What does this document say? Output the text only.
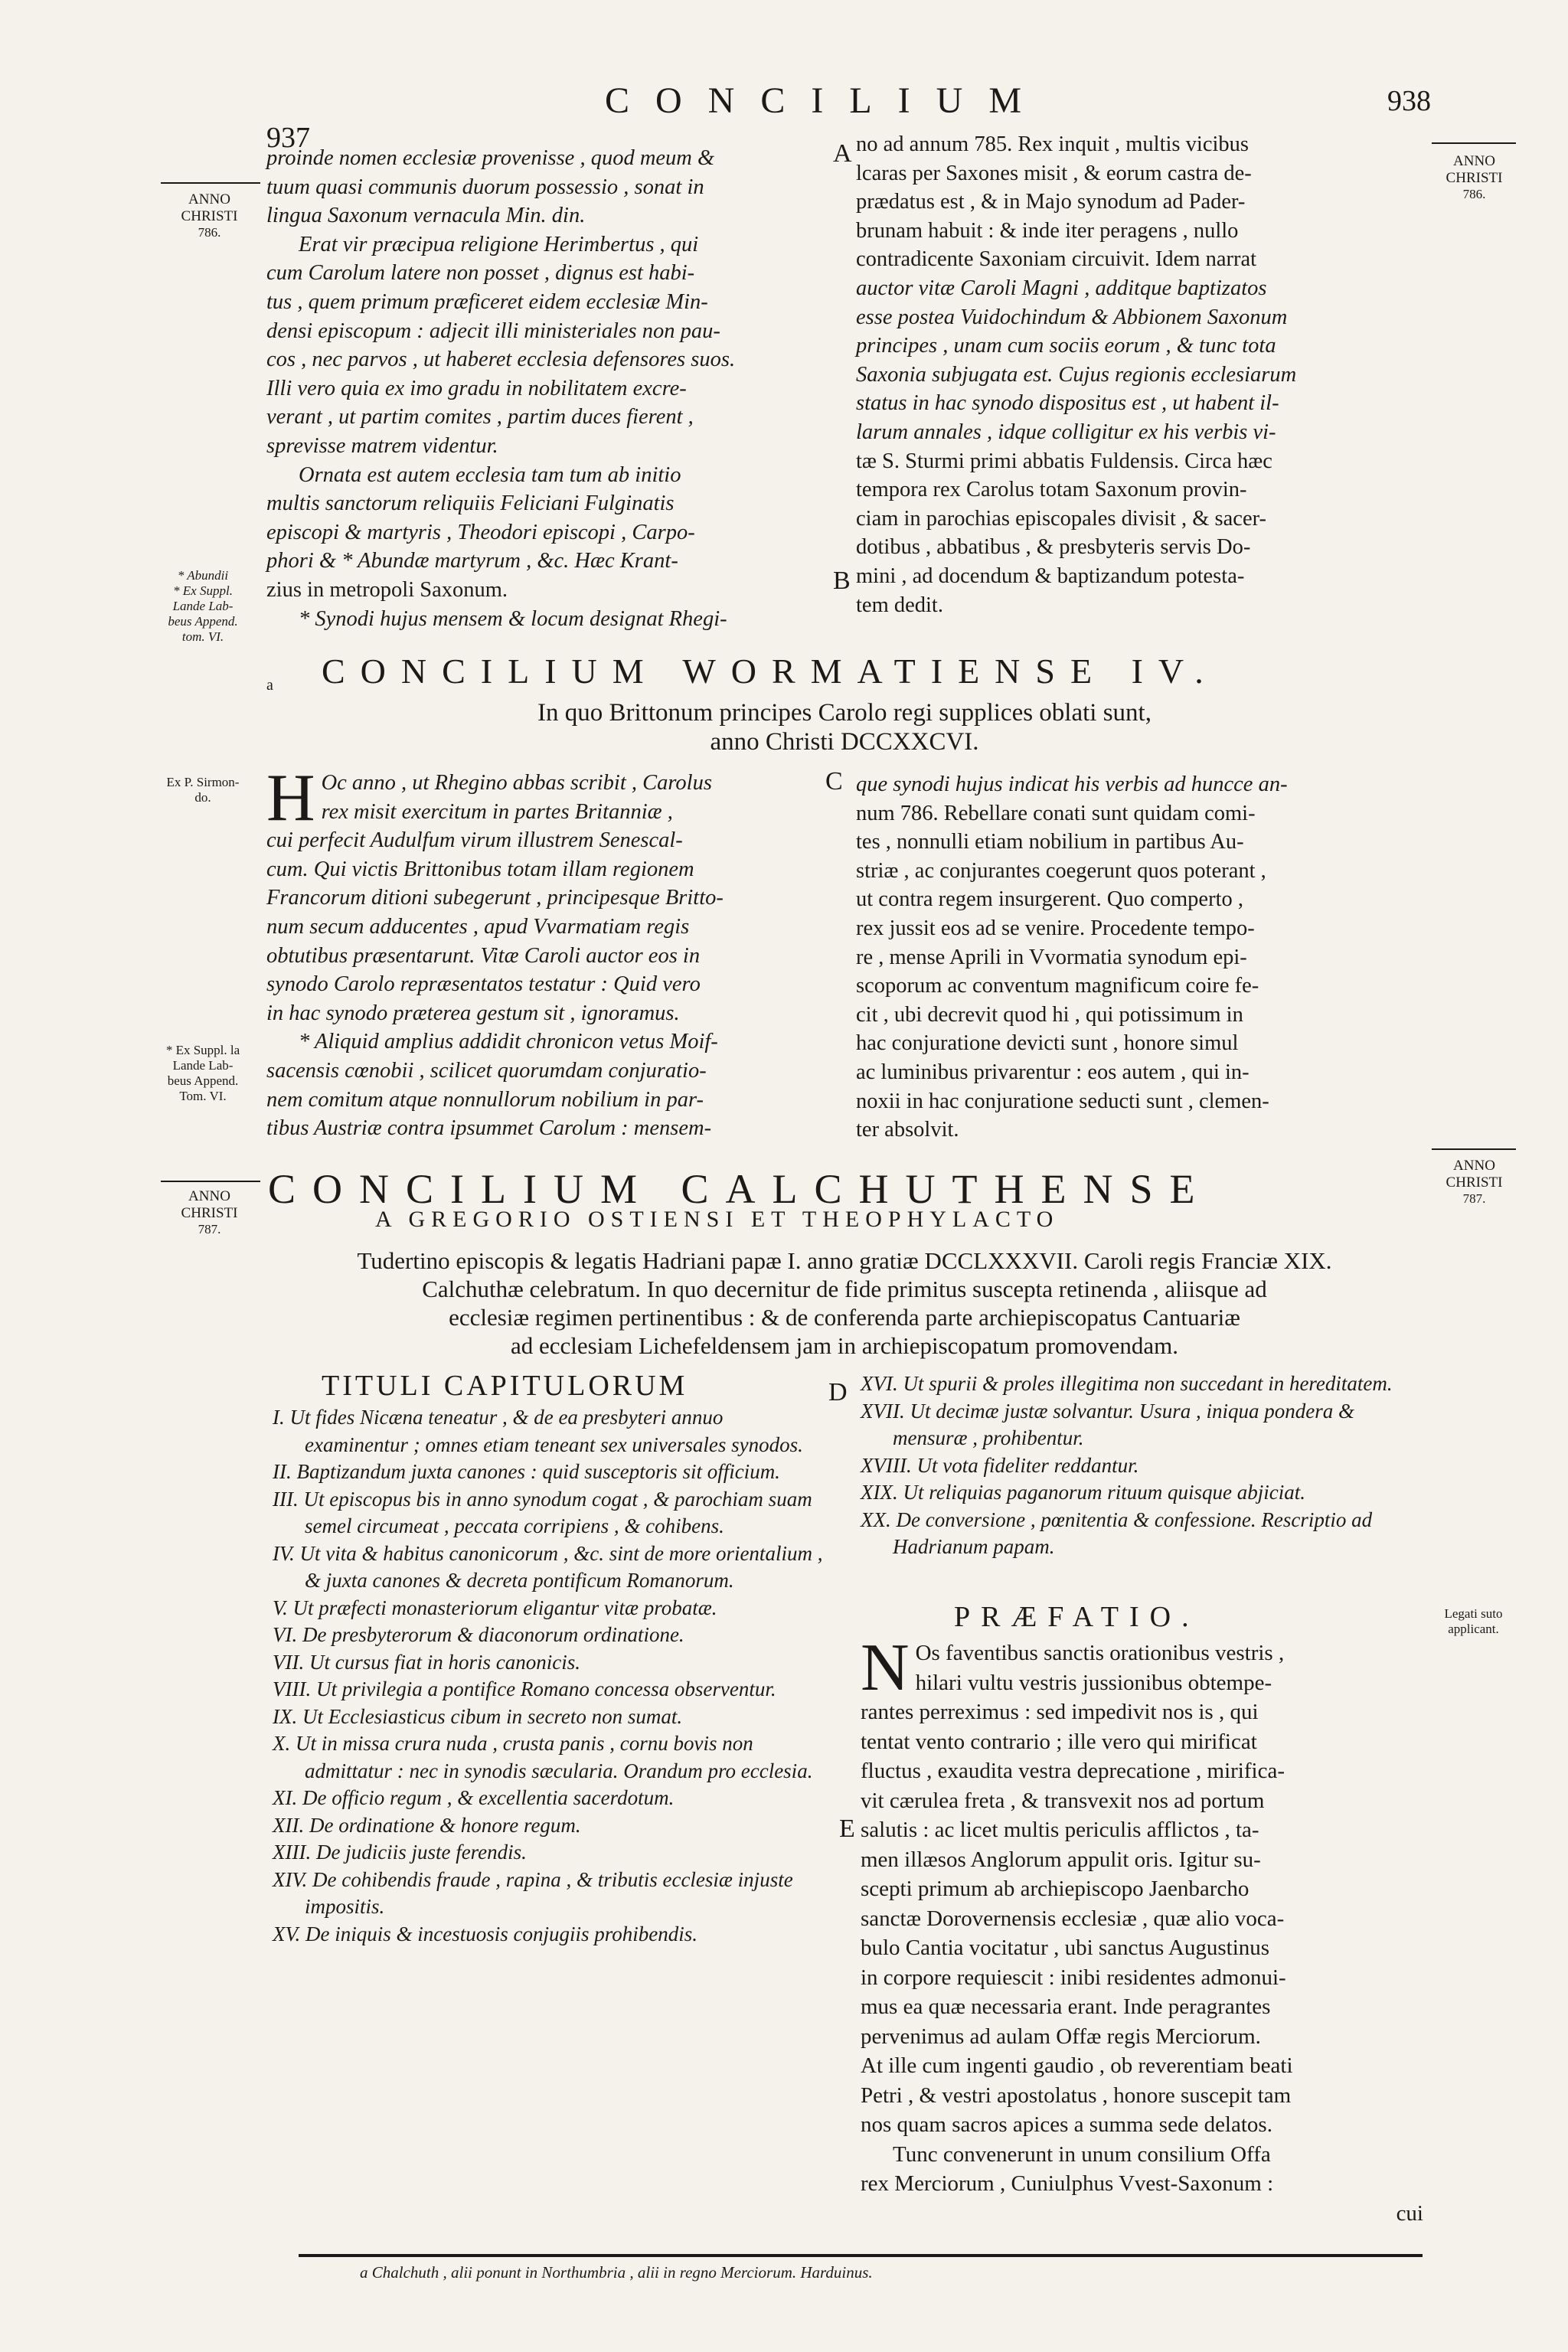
937
CONCILIUM	938
ANNO
CHRISTI
786.
ANNO
CHRISTI
786.
* Abundii
* Ex Suppl.
Lande Lab-
beus Append.
tom. VI.
Ex P. Sirmon-
do.
* Ex Suppl. la
Lande Lab-
beus Append.
Tom. VI.
ANNO
CHRISTI
787.
ANNO
CHRISTI
787.
Legati suto
applicant.
A
B
C
D
E

proinde nomen ecclesiæ provenisse , quod meum &

tuum quasi communis duorum possessio , sonat in

lingua Saxonum vernacula Min. din.

Erat vir præcipua religione Herimbertus , qui

cum Carolum latere non posset , dignus est habi-

tus , quem primum præficeret eidem ecclesiæ Min-

densi episcopum : adjecit illi ministeriales non pau-

cos , nec parvos , ut haberet ecclesia defensores suos.

Illi vero quia ex imo gradu in nobilitatem excre-

verant , ut partim comites , partim duces fierent ,

sprevisse matrem videntur.

Ornata est autem ecclesia tam tum ab initio

multis sanctorum reliquiis Feliciani Fulginatis

episcopi & martyris , Theodori episcopi , Carpo-

phori & * Abundæ martyrum , &c. Hæc Krant-

zius in metropoli Saxonum.

* Synodi hujus mensem & locum designat Rhegi-

no ad annum 785. Rex inquit , multis vicibus

lcaras per Saxones misit , & eorum castra de-

prædatus est , & in Majo synodum ad Pader-

brunam habuit : & inde iter peragens , nullo

contradicente Saxoniam circuivit. Idem narrat

auctor vitæ Caroli Magni , additque baptizatos

esse postea Vuidochindum & Abbionem Saxonum

principes , unam cum sociis eorum , & tunc tota

Saxonia subjugata est. Cujus regionis ecclesiarum

status in hac synodo dispositus est , ut habent il-

larum annales , idque colligitur ex his verbis vi-

tæ S. Sturmi primi abbatis Fuldensis. Circa hæc

tempora rex Carolus totam Saxonum provin-

ciam in parochias episcopales divisit , & sacer-

dotibus , abbatibus , & presbyteris servis Do-

mini , ad docendum & baptizandum potesta-

tem dedit.

a CONCILIUM WORMATIENSE IV.
In quo Brittonum principes Carolo regi supplices oblati sunt,
anno Christi DCCXXCVI.
H Oc anno , ut Rhegino abbas scribit , Carolus

rex misit exercitum in partes Britanniæ ,

cui perfecit Audulfum virum illustrem Senescal-

cum. Qui victis Brittonibus totam illam regionem

Francorum ditioni subegerunt , principesque Britto-

num secum adducentes , apud Vvarmatiam regis

obtutibus præsentarunt. Vitæ Caroli auctor eos in

synodo Carolo repræsentatos testatur : Quid vero

in hac synodo præterea gestum sit , ignoramus.

* Aliquid amplius addidit chronicon vetus Moif-

sacensis cœnobii , scilicet quorumdam conjuratio-

nem comitum atque nonnullorum nobilium in par-

tibus Austriæ contra ipsummet Carolum : mensem-

que synodi hujus indicat his verbis ad huncce an-

num 786. Rebellare conati sunt quidam comi-

tes , nonnulli etiam nobilium in partibus Au-

striæ , ac conjurantes coegerunt quos poterant ,

ut contra regem insurgerent. Quo comperto ,

rex jussit eos ad se venire. Procedente tempo-

re , mense Aprili in Vvormatia synodum epi-

scoporum ac conventum magnificum coire fe-

cit , ubi decrevit quod hi , qui potissimum in

hac conjuratione devicti sunt , honore simul

ac luminibus privarentur : eos autem , qui in-

noxii in hac conjuratione seducti sunt , clemen-

ter absolvit.

CONCILIUM CALCHUTHENSE
A GREGORIO OSTIENSI ET THEOPHYLACTO
Tudertino episcopis & legatis Hadriani papæ I. anno gratiæ DCCLXXXVII. Caroli regis Franciæ XIX.
Calchuthæ celebratum. In quo decernitur de fide primitus suscepta retinenda , aliisque ad
ecclesiæ regimen pertinentibus : & de conferenda parte archiepiscopatus Cantuariæ
ad ecclesiam Lichefeldensem jam in archiepiscopatum promovendam.
TITULI CAPITULORUM
I. Ut fides Nicæna teneatur , & de ea presbyteri annuo examinentur ; omnes etiam teneant sex universales synodos.
II. Baptizandum juxta canones : quid susceptoris sit officium.
III. Ut episcopus bis in anno synodum cogat , & parochiam suam semel circumeat , peccata corripiens , & cohibens.
IV. Ut vita & habitus canonicorum , &c. sint de more orientalium , & juxta canones & decreta pontificum Romanorum.
V. Ut præfecti monasteriorum eligantur vitæ probatæ.
VI. De presbyterorum & diaconorum ordinatione.
VII. Ut cursus fiat in horis canonicis.
VIII. Ut privilegia a pontifice Romano concessa observentur.
IX. Ut Ecclesiasticus cibum in secreto non sumat.
X. Ut in missa crura nuda , crusta panis , cornu bovis non admittatur : nec in synodis sæcularia. Orandum pro ecclesia.
XI. De officio regum , & excellentia sacerdotum.
XII. De ordinatione & honore regum.
XIII. De judiciis juste ferendis.
XIV. De cohibendis fraude , rapina , & tributis ecclesiæ injuste impositis.
XV. De iniquis & incestuosis conjugiis prohibendis.
XVI. Ut spurii & proles illegitima non succedant in hereditatem.
XVII. Ut decimæ justæ solvantur. Usura , iniqua pondera & mensuræ , prohibentur.
XVIII. Ut vota fideliter reddantur.
XIX. Ut reliquias paganorum rituum quisque abjiciat.
XX. De conversione , pœnitentia & confessione. Rescriptio ad Hadrianum papam.
PRÆFATIO.
N Os faventibus sanctis orationibus vestris ,

hilari vultu vestris jussionibus obtempe-

rantes perreximus : sed impedivit nos is , qui

tentat vento contrario ; ille vero qui mirificat

fluctus , exaudita vestra deprecatione , mirifica-

vit cærulea freta , & transvexit nos ad portum

salutis : ac licet multis periculis afflictos , ta-

men illæsos Anglorum appulit oris. Igitur su-

scepti primum ab archiepiscopo Jaenbarcho

sanctæ Dorovernensis ecclesiæ , quæ alio voca-

bulo Cantia vocitatur , ubi sanctus Augustinus

in corpore requiescit : inibi residentes admonui-

mus ea quæ necessaria erant. Inde peragrantes

pervenimus ad aulam Offæ regis Merciorum.

At ille cum ingenti gaudio , ob reverentiam beati

Petri , & vestri apostolatus , honore suscepit tam

nos quam sacros apices a summa sede delatos.

Tunc convenerunt in unum consilium Offa

rex Merciorum , Cuniulphus Vvest-Saxonum :

cui

a Chalchuth , alii ponunt in Northumbria , alii in regno Merciorum. Harduinus.
